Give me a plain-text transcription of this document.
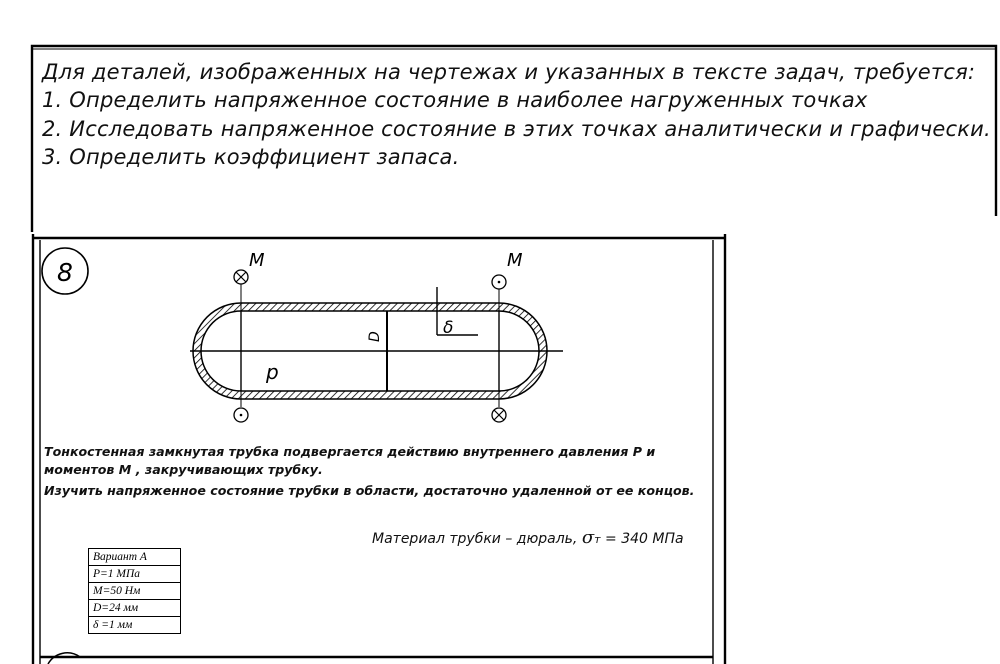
8	M	M
p
D	δ
Для деталей, изображенных на чертежах и указанных в тексте задач, требуется:
1. Определить напряженное состояние в наиболее нагруженных точках
2. Исследовать напряженное состояние в этих точках аналитически и графически.
3. Определить коэффициент запаса.
Тонкостенная замкнутая трубка подвергается действию внутреннего давления P и
моментов M , закручивающих трубку.
Изучить напряженное состояние трубки в области, достаточно удаленной от ее концов.
Материал трубки – дюраль, σт = 340 МПа
Вариант А
P=1 МПа
M=50 Нм
D=24 мм
δ =1 мм
